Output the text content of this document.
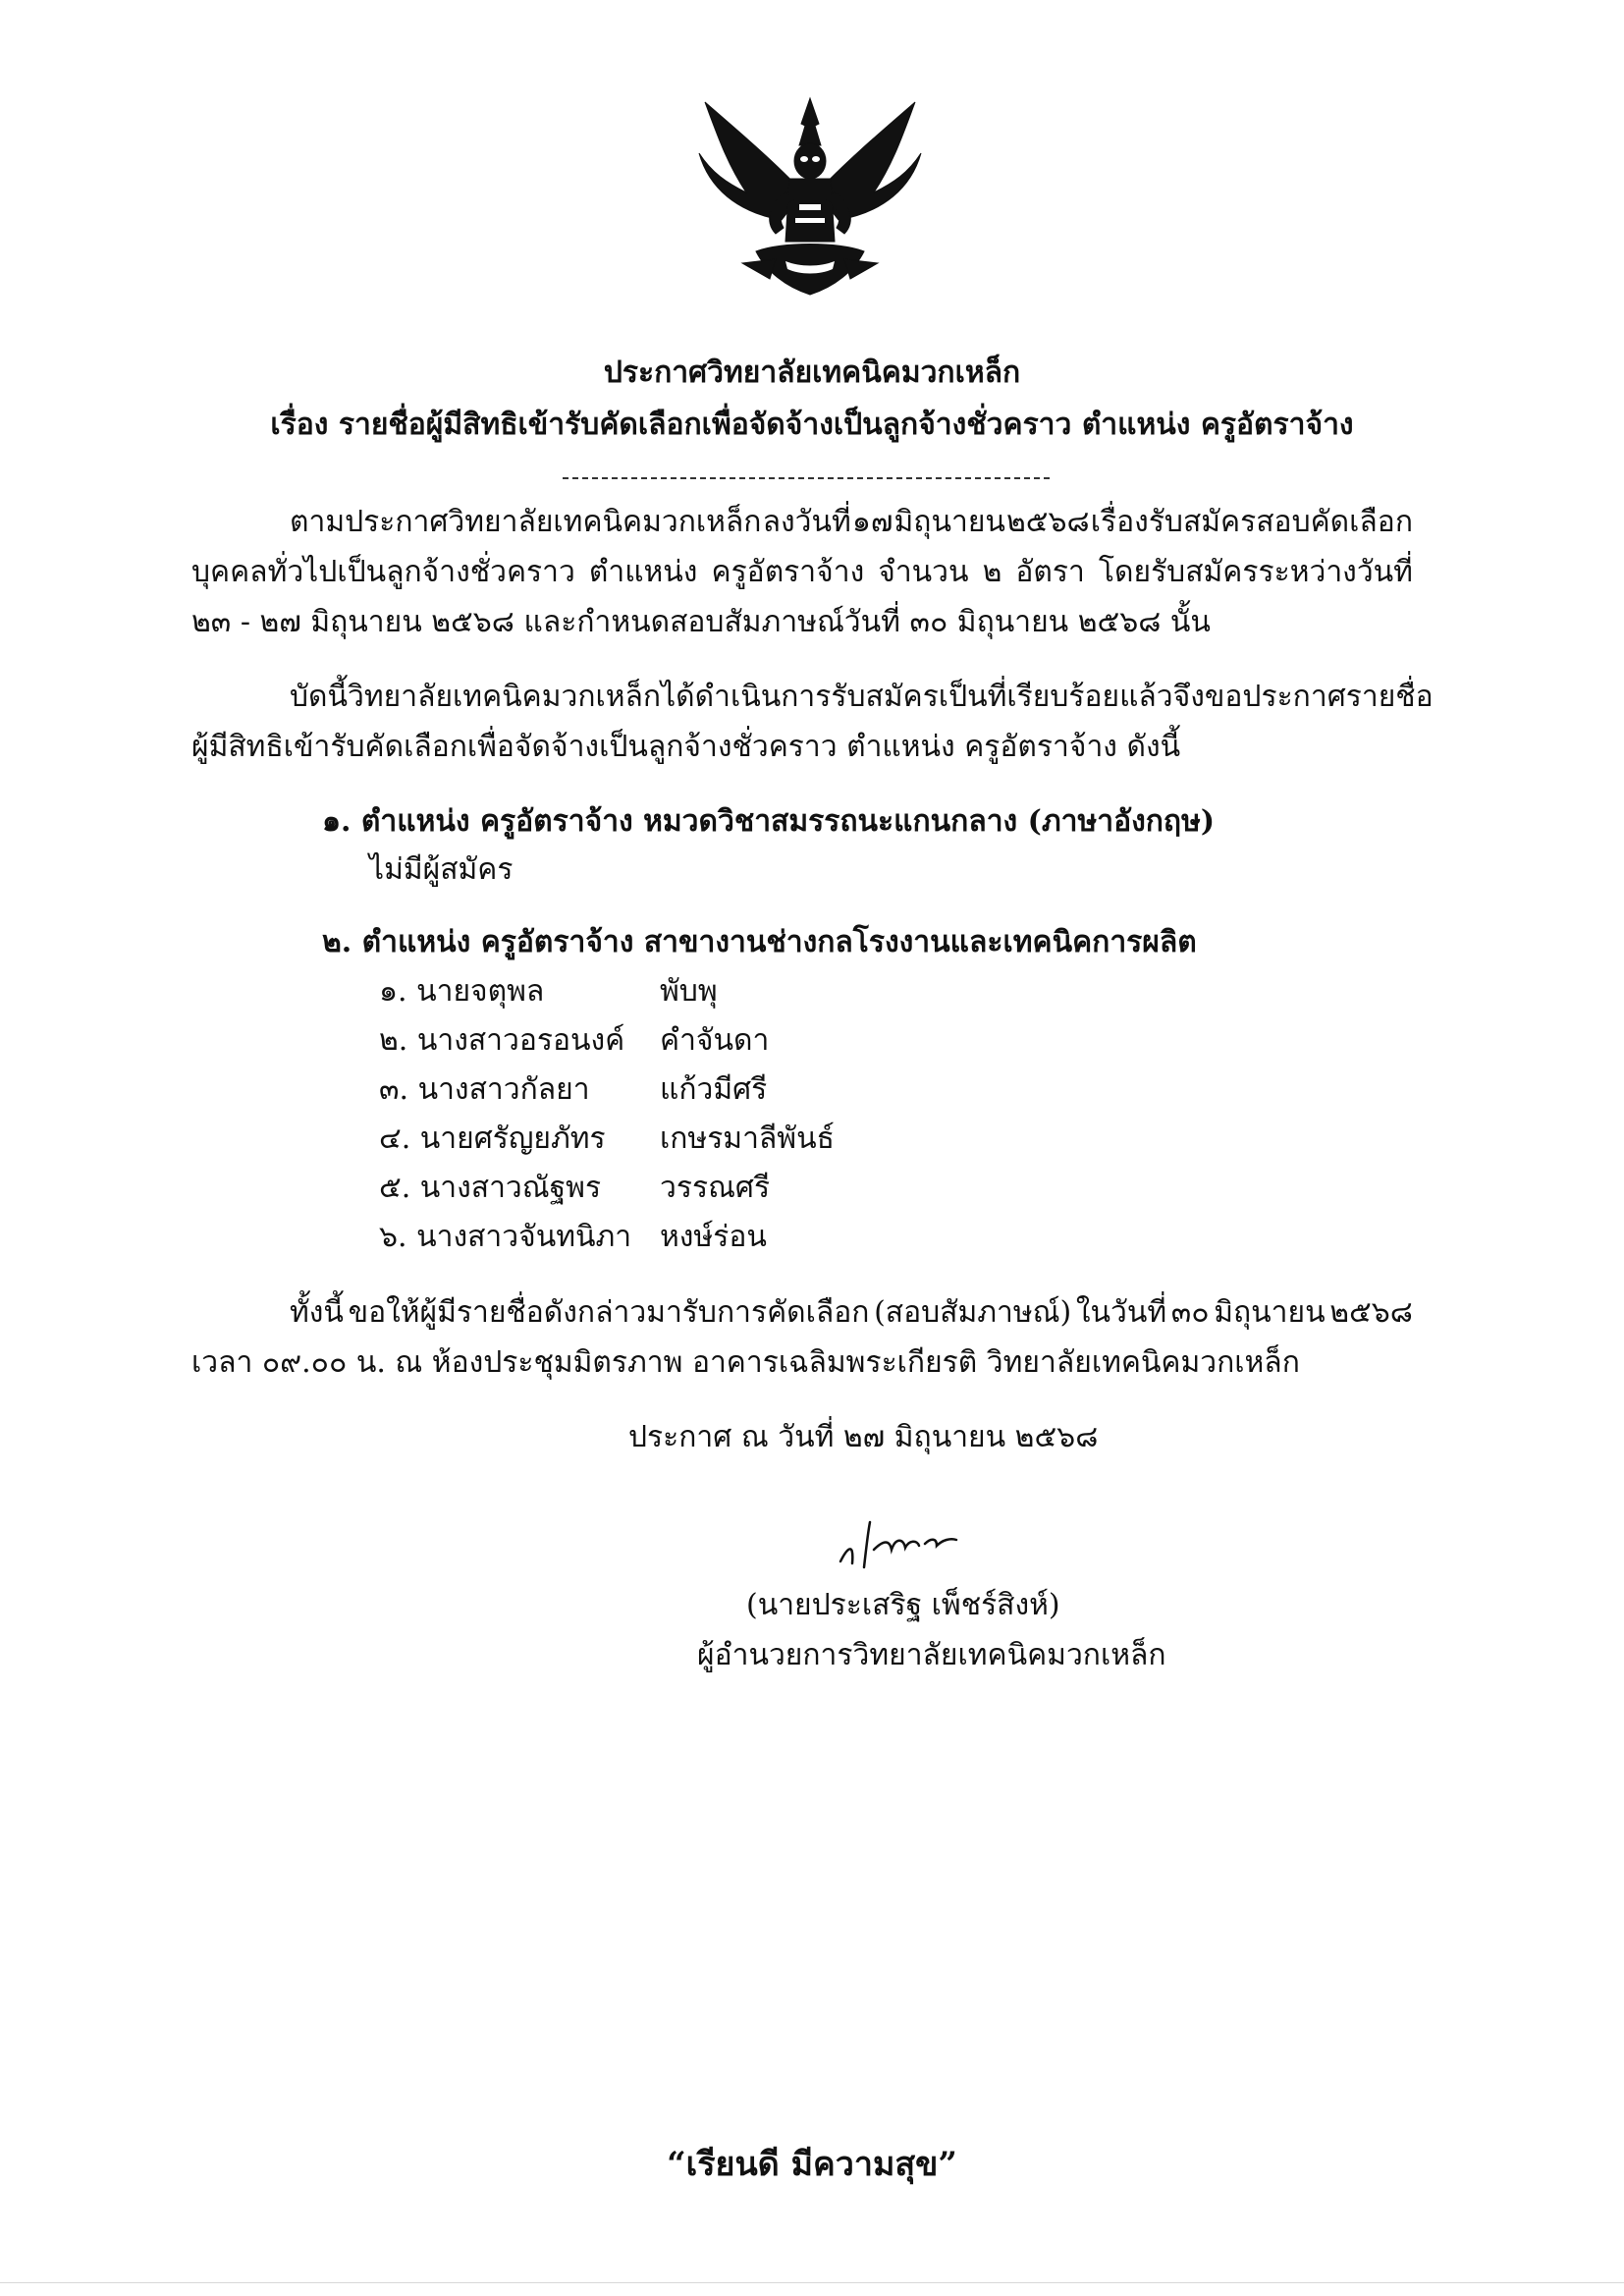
ประกาศวิทยาลัยเทคนิคมวกเหล็ก
เรื่อง รายชื่อผู้มีสิทธิเข้ารับคัดเลือกเพื่อจัดจ้างเป็นลูกจ้างชั่วคราว ตำแหน่ง ครูอัตราจ้าง
ตามประกาศวิทยาลัยเทคนิคมวกเหล็ก ลงวันที่ ๑๗ มิถุนายน ๒๕๖๘ เรื่องรับสมัครสอบคัดเลือก
บุคคลทั่วไปเป็นลูกจ้างชั่วคราว ตำแหน่ง ครูอัตราจ้าง จำนวน ๒ อัตรา โดยรับสมัครระหว่างวันที่
๒๓ - ๒๗ มิถุนายน ๒๕๖๘ และกำหนดสอบสัมภาษณ์วันที่ ๓๐ มิถุนายน ๒๕๖๘ นั้น
บัดนี้ วิทยาลัยเทคนิคมวกเหล็ก ได้ดำเนินการรับสมัครเป็นที่เรียบร้อยแล้ว จึงขอประกาศรายชื่อ
ผู้มีสิทธิเข้ารับคัดเลือกเพื่อจัดจ้างเป็นลูกจ้างชั่วคราว ตำแหน่ง ครูอัตราจ้าง ดังนี้
๑. ตำแหน่ง ครูอัตราจ้าง หมวดวิชาสมรรถนะแกนกลาง (ภาษาอังกฤษ)
ไม่มีผู้สมัคร
๒. ตำแหน่ง ครูอัตราจ้าง สาขางานช่างกลโรงงานและเทคนิคการผลิต
๑. นายจตุพล	พับพุ
๒. นางสาวอรอนงค์ คำจันดา
๓. นางสาวกัลยา แก้วมีศรี
๔. นายศรัญยภัทร เกษรมาลีพันธ์
๕. นางสาวณัฐพร วรรณศรี
๖. นางสาวจันทนิภา หงษ์ร่อน
ทั้งนี้ ขอให้ผู้มีรายชื่อดังกล่าวมารับการคัดเลือก (สอบสัมภาษณ์) ในวันที่ ๓๐ มิถุนายน ๒๕๖๘
เวลา ๐๙.๐๐ น. ณ ห้องประชุมมิตรภาพ อาคารเฉลิมพระเกียรติ วิทยาลัยเทคนิคมวกเหล็ก
ประกาศ ณ วันที่ ๒๗ มิถุนายน ๒๕๖๘
(นายประเสริฐ เพ็ชร์สิงห์)
ผู้อำนวยการวิทยาลัยเทคนิคมวกเหล็ก
“เรียนดี มีความสุข”
